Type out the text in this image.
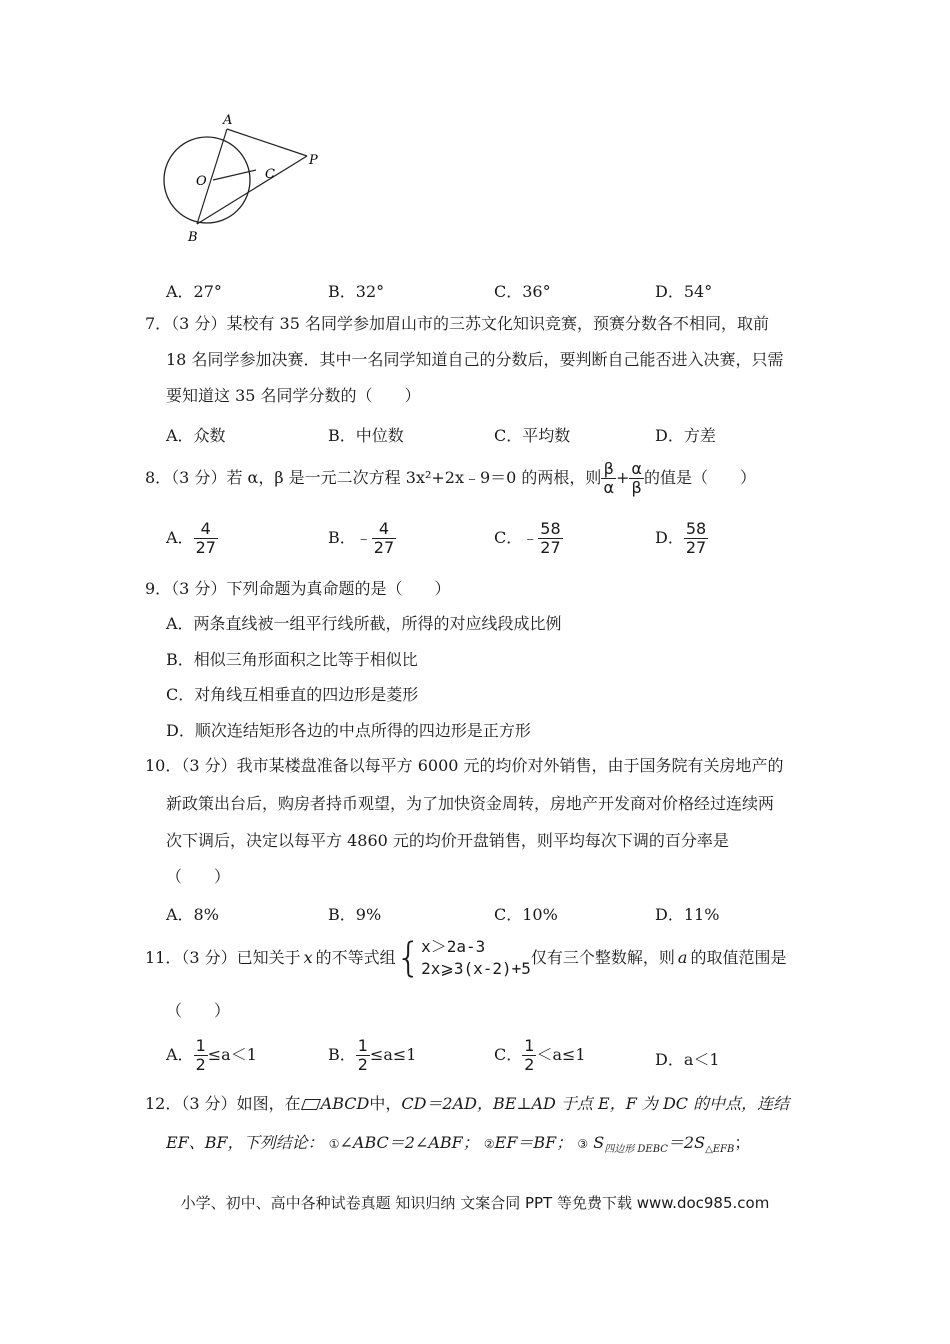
A
O	C
P
B
A．27°	B．32°	C．36°	D．54°
7．（3 分）某校有 35 名同学参加眉山市的三苏文化知识竞赛，预赛分数各不相同，取前
18 名同学参加决赛．其中一名同学知道自己的分数后，要判断自己能否进入决赛，只需
要知道这 35 名同学分数的（　　）
A．众数	B．中位数	C．平均数	D．方差
8．（3 分）若 α，β 是一元二次方程 3x²+2x﹣9＝0 的两根，则 $\frac{\beta}{\alpha} + \frac{\alpha}{\beta}$ 的值是（　　）
A． $\frac{4}{27}$	B．﹣ $\frac{4}{27}$	C．﹣ $\frac{58}{27}$	D． $\frac{58}{27}$
9．（3 分）下列命题为真命题的是（　　）
A．两条直线被一组平行线所截，所得的对应线段成比例
B．相似三角形面积之比等于相似比
C．对角线互相垂直的四边形是菱形
D．顺次连结矩形各边的中点所得的四边形是正方形
10．（3 分）我市某楼盘准备以每平方 6000 元的均价对外销售，由于国务院有关房地产的
新政策出台后，购房者持币观望，为了加快资金周转，房地产开发商对价格经过连续两
次下调后，决定以每平方 4860 元的均价开盘销售，则平均每次下调的百分率是
（　　）
A．8%	B．9%	C．10%	D．11%
11．（3 分）已知关于 x 的不等式组 { x＞2a-3
2x⩾3(x-2)+5
仅有三个整数解，则 a 的取值范围是
（　　）
A． $\frac{1}{2} \le a<1$	B． $\frac{1}{2} \le a\le 1$	C． $\frac{1}{2} <a\le 1$	D．a＜1
12．（3 分）如图，在 ABCD中，CD＝2AD，BE⊥AD 于点 E，F 为 DC 的中点，连结
EF、BF，下列结论： ①∠ABC＝2∠ABF； ②EF＝BF； ③ $S_{四边形 DEBC}=2S_{\triangle EFB}$；
小学、初中、高中各种试卷真题 知识归纳 文案合同 PPT 等免费下载 www.doc985.com
